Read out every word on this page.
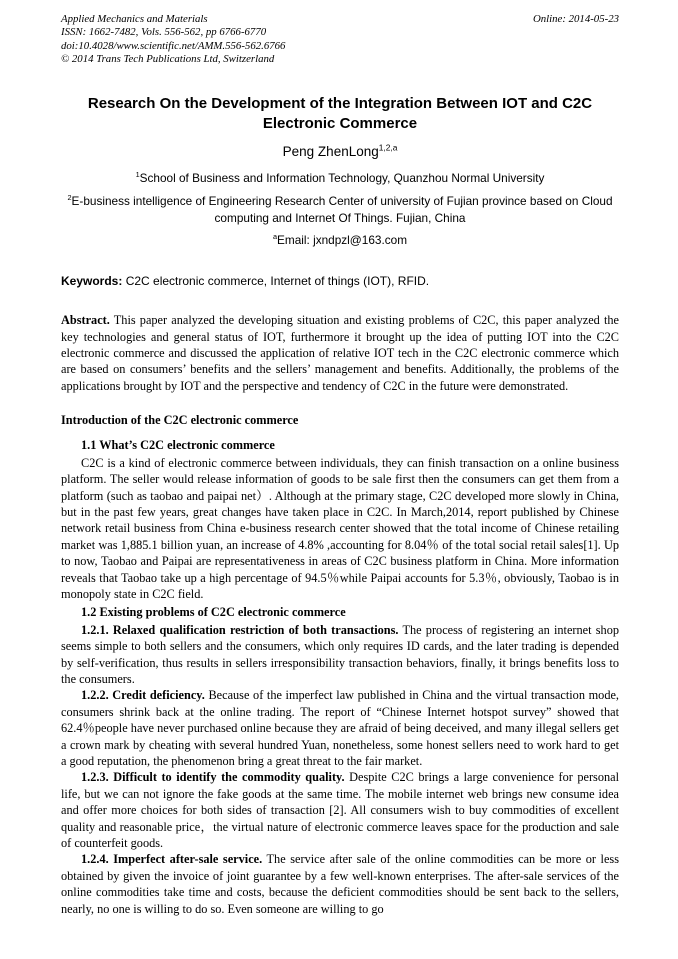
Applied Mechanics and Materials
ISSN: 1662-7482, Vols. 556-562, pp 6766-6770
doi:10.4028/www.scientific.net/AMM.556-562.6766
© 2014 Trans Tech Publications Ltd, Switzerland
Online: 2014-05-23
Research On the Development of the Integration Between IOT and C2C Electronic Commerce
Peng ZhenLong$^{1,2,a}$
$^1$School of Business and Information Technology, Quanzhou Normal University
$^2$E-business intelligence of Engineering Research Center of university of Fujian province based on Cloud computing and Internet Of Things. Fujian, China
$^a$Email: jxndpzl@163.com

Keywords: C2C electronic commerce, Internet of things (IOT), RFID.

Abstract. This paper analyzed the developing situation and existing problems of C2C, this paper analyzed the key technologies and general status of IOT, furthermore it brought up the idea of putting IOT into the C2C electronic commerce and discussed the application of relative IOT tech in the C2C electronic commerce which are based on consumers’ benefits and the sellers’ management and benefits. Additionally, the problems of the applications brought by IOT and the perspective and tendency of C2C in the future were demonstrated.

Introduction of the C2C electronic commerce
1.1 What’s C2C electronic commerce

C2C is a kind of electronic commerce between individuals, they can finish transaction on a online business platform. The seller would release information of goods to be sale first then the consumers can get them from a platform (such as taobao and paipai net）. Although at the primary stage, C2C developed more slowly in China, but in the past few years, great changes have taken place in C2C. In March,2014, report published by Chinese network retail business from China e-business research center showed that the total income of Chinese retailing market was 1,885.1 billion yuan, an increase of 4.8% ,accounting for 8.04％ of the total social retail sales[1]. Up to now, Taobao and Paipai are representativeness in areas of C2C business platform in China. More information reveals that Taobao take up a high percentage of 94.5％while Paipai accounts for 5.3％, obviously, Taobao is in monopoly state in C2C field.

1.2 Existing problems of C2C electronic commerce

1.2.1. Relaxed qualification restriction of both transactions. The process of registering an internet shop seems simple to both sellers and the consumers, which only requires ID cards, and the later trading is depended by self-verification, thus results in sellers irresponsibility transaction behaviors, finally, it brings benefits loss to the consumers.

1.2.2. Credit deficiency. Because of the imperfect law published in China and the virtual transaction mode, consumers shrink back at the online trading. The report of “Chinese Internet hotspot survey” showed that 62.4％people have never purchased online because they are afraid of being deceived, and many illegal sellers get a crown mark by cheating with several hundred Yuan, nonetheless, some honest sellers need to work hard to get a good reputation, the phenomenon bring a great threat to the fair market.

1.2.3. Difficult to identify the commodity quality. Despite C2C brings a large convenience for personal life, but we can not ignore the fake goods at the same time. The mobile internet web brings new consume idea and offer more choices for both sides of transaction [2]. All consumers wish to buy commodities of excellent quality and reasonable price，the virtual nature of electronic commerce leaves space for the production and sale of counterfeit goods.

1.2.4. Imperfect after-sale service. The service after sale of the online commodities can be more or less obtained by given the invoice of joint guarantee by a few well-known enterprises. The after-sale services of the online commodities take time and costs, because the deficient commodities should be sent back to the sellers, nearly, no one is willing to do so. Even someone are willing to go
